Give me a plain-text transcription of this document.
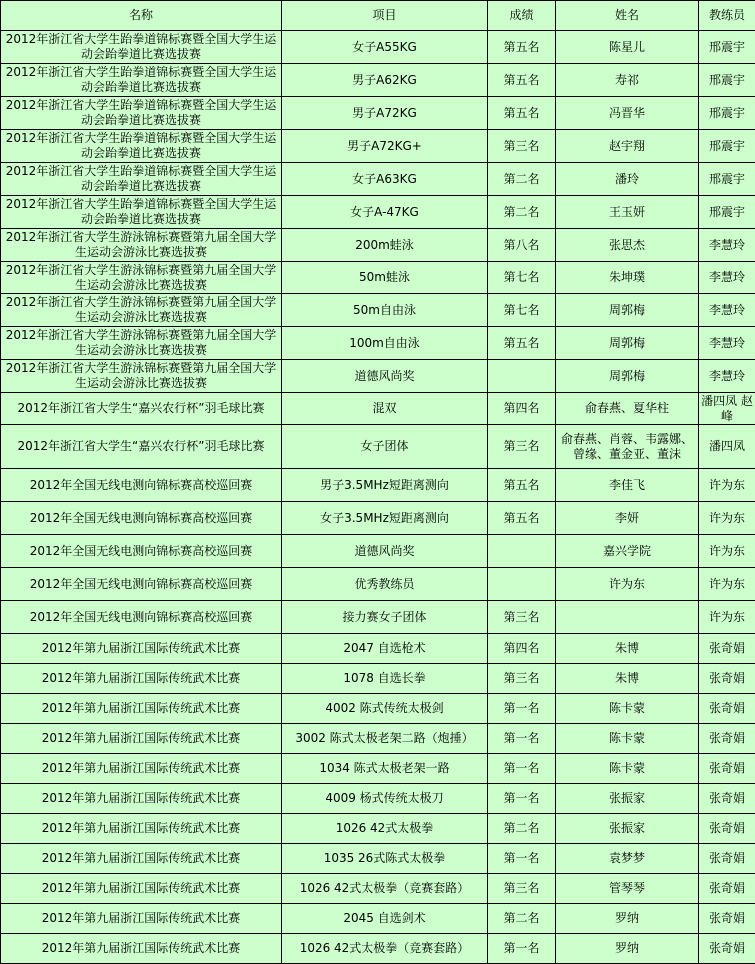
名称	项目	成绩	姓名	教练员
2012年浙江省大学生跆拳道锦标赛暨全国大学生运动会跆拳道比赛选拔赛	女子A55KG	第五名	陈星儿	邢震宇
2012年浙江省大学生跆拳道锦标赛暨全国大学生运动会跆拳道比赛选拔赛	男子A62KG	第五名	寿祁	邢震宇
2012年浙江省大学生跆拳道锦标赛暨全国大学生运动会跆拳道比赛选拔赛	男子A72KG	第五名	冯晋华	邢震宇
2012年浙江省大学生跆拳道锦标赛暨全国大学生运动会跆拳道比赛选拔赛	男子A72KG+	第三名	赵宇翔	邢震宇
2012年浙江省大学生跆拳道锦标赛暨全国大学生运动会跆拳道比赛选拔赛	女子A63KG	第二名	潘玲	邢震宇
2012年浙江省大学生跆拳道锦标赛暨全国大学生运动会跆拳道比赛选拔赛	女子A-47KG	第二名	王玉妍	邢震宇
2012年浙江省大学生游泳锦标赛暨第九届全国大学生运动会游泳比赛选拔赛	200m蛙泳	第八名	张思杰	李慧玲
2012年浙江省大学生游泳锦标赛暨第九届全国大学生运动会游泳比赛选拔赛	50m蛙泳	第七名	朱坤璞	李慧玲
2012年浙江省大学生游泳锦标赛暨第九届全国大学生运动会游泳比赛选拔赛	50m自由泳	第七名	周郭梅	李慧玲
2012年浙江省大学生游泳锦标赛暨第九届全国大学生运动会游泳比赛选拔赛	100m自由泳	第五名	周郭梅	李慧玲
2012年浙江省大学生游泳锦标赛暨第九届全国大学生运动会游泳比赛选拔赛	道德风尚奖		周郭梅	李慧玲
2012年浙江省大学生“嘉兴农行杯”羽毛球比赛	混双	第四名	俞春燕、夏华柱	潘四凤 赵 峰
2012年浙江省大学生“嘉兴农行杯”羽毛球比赛	女子团体	第三名	俞春燕、肖蓉、韦露娜、曾缘、董金亚、董沫	潘四凤
2012年全国无线电测向锦标赛高校巡回赛	男子3.5MHz短距离测向	第五名	李佳飞	许为东
2012年全国无线电测向锦标赛高校巡回赛	女子3.5MHz短距离测向	第五名	李妍	许为东
2012年全国无线电测向锦标赛高校巡回赛	道德风尚奖		嘉兴学院	许为东
2012年全国无线电测向锦标赛高校巡回赛	优秀教练员		许为东	许为东
2012年全国无线电测向锦标赛高校巡回赛	接力赛女子团体	第三名		许为东
2012年第九届浙江国际传统武术比赛	2047 自选枪术	第四名	朱博	张奇娟
2012年第九届浙江国际传统武术比赛	1078 自选长拳	第三名	朱博	张奇娟
2012年第九届浙江国际传统武术比赛	4002 陈式传统太极剑	第一名	陈卡蒙	张奇娟
2012年第九届浙江国际传统武术比赛	3002 陈式太极老架二路（炮捶）	第一名	陈卡蒙	张奇娟
2012年第九届浙江国际传统武术比赛	1034 陈式太极老架一路	第一名	陈卡蒙	张奇娟
2012年第九届浙江国际传统武术比赛	4009 杨式传统太极刀	第一名	张振家	张奇娟
2012年第九届浙江国际传统武术比赛	1026 42式太极拳	第二名	张振家	张奇娟
2012年第九届浙江国际传统武术比赛	1035 26式陈式太极拳	第一名	袁梦梦	张奇娟
2012年第九届浙江国际传统武术比赛	1026 42式太极拳（竞赛套路）	第三名	管琴琴	张奇娟
2012年第九届浙江国际传统武术比赛	2045 自选剑术	第二名	罗纳	张奇娟
2012年第九届浙江国际传统武术比赛	1026 42式太极拳（竞赛套路）	第一名	罗纳	张奇娟
